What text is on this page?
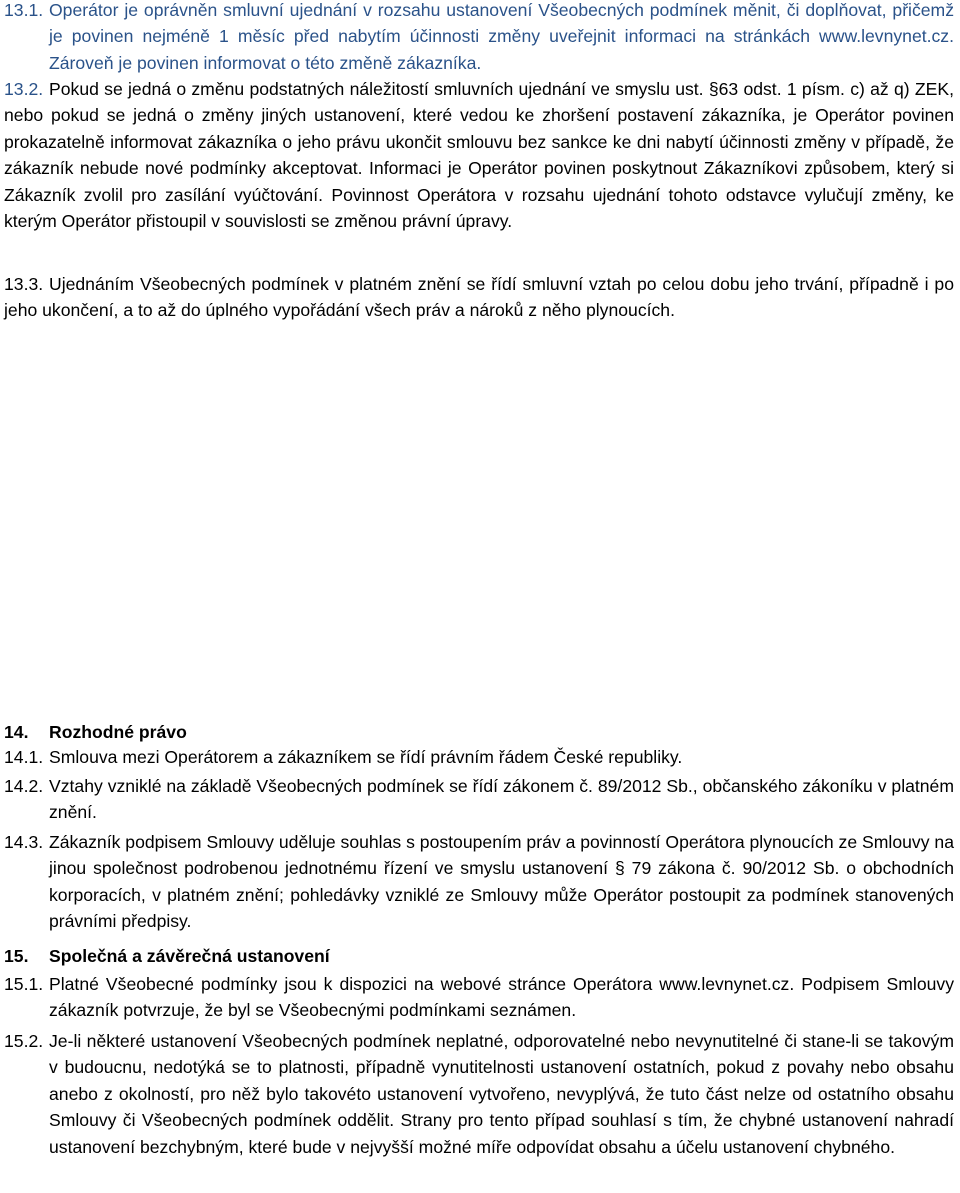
13.1. Operátor je oprávněn smluvní ujednání v rozsahu ustanovení Všeobecných podmínek měnit, či doplňovat, přičemž je povinen nejméně 1 měsíc před nabytím účinnosti změny uveřejnit informaci na stránkách www.levnynet.cz. Zároveň je povinen informovat o této změně zákazníka.
13.2. Pokud se jedná o změnu podstatných náležitostí smluvních ujednání ve smyslu ust. §63 odst. 1 písm. c) až q) ZEK, nebo pokud se jedná o změny jiných ustanovení, které vedou ke zhoršení postavení zákazníka, je Operátor povinen prokazatelně informovat zákazníka o jeho právu ukončit smlouvu bez sankce ke dni nabytí účinnosti změny v případě, že zákazník nebude nové podmínky akceptovat. Informaci je Operátor povinen poskytnout Zákazníkovi způsobem, který si Zákazník zvolil pro zasílání vyúčtování. Povinnost Operátora v rozsahu ujednání tohoto odstavce vylučují změny, ke kterým Operátor přistoupil v souvislosti se změnou právní úpravy.
13.3. Ujednáním Všeobecných podmínek v platném znění se řídí smluvní vztah po celou dobu jeho trvání, případně i po jeho ukončení, a to až do úplného vypořádání všech práv a nároků z něho plynoucích.
14. Rozhodné právo
14.1. Smlouva mezi Operátorem a zákazníkem se řídí právním řádem České republiky.
14.2. Vztahy vzniklé na základě Všeobecných podmínek se řídí zákonem č. 89/2012 Sb., občanského zákoníku v platném znění.
14.3. Zákazník podpisem Smlouvy uděluje souhlas s postoupením práv a povinností Operátora plynoucích ze Smlouvy na jinou společnost podrobenou jednotnému řízení ve smyslu ustanovení § 79 zákona č. 90/2012 Sb. o obchodních korporacích, v platném znění; pohledávky vzniklé ze Smlouvy může Operátor postoupit za podmínek stanovených právními předpisy.
15. Společná a závěrečná ustanovení
15.1. Platné Všeobecné podmínky jsou k dispozici na webové stránce Operátora www.levnynet.cz. Podpisem Smlouvy zákazník potvrzuje, že byl se Všeobecnými podmínkami seznámen.
15.2. Je-li některé ustanovení Všeobecných podmínek neplatné, odporovatelné nebo nevynutitelné či stane-li se takovým v budoucnu, nedotýká se to platnosti, případně vynutitelnosti ustanovení ostatních, pokud z povahy nebo obsahu anebo z okolností, pro něž bylo takovéto ustanovení vytvořeno, nevyplývá, že tuto část nelze od ostatního obsahu Smlouvy či Všeobecných podmínek oddělit. Strany pro tento případ souhlasí s tím, že chybné ustanovení nahradí ustanovení bezchybným, které bude v nejvyšší možné míře odpovídat obsahu a účelu ustanovení chybného.
